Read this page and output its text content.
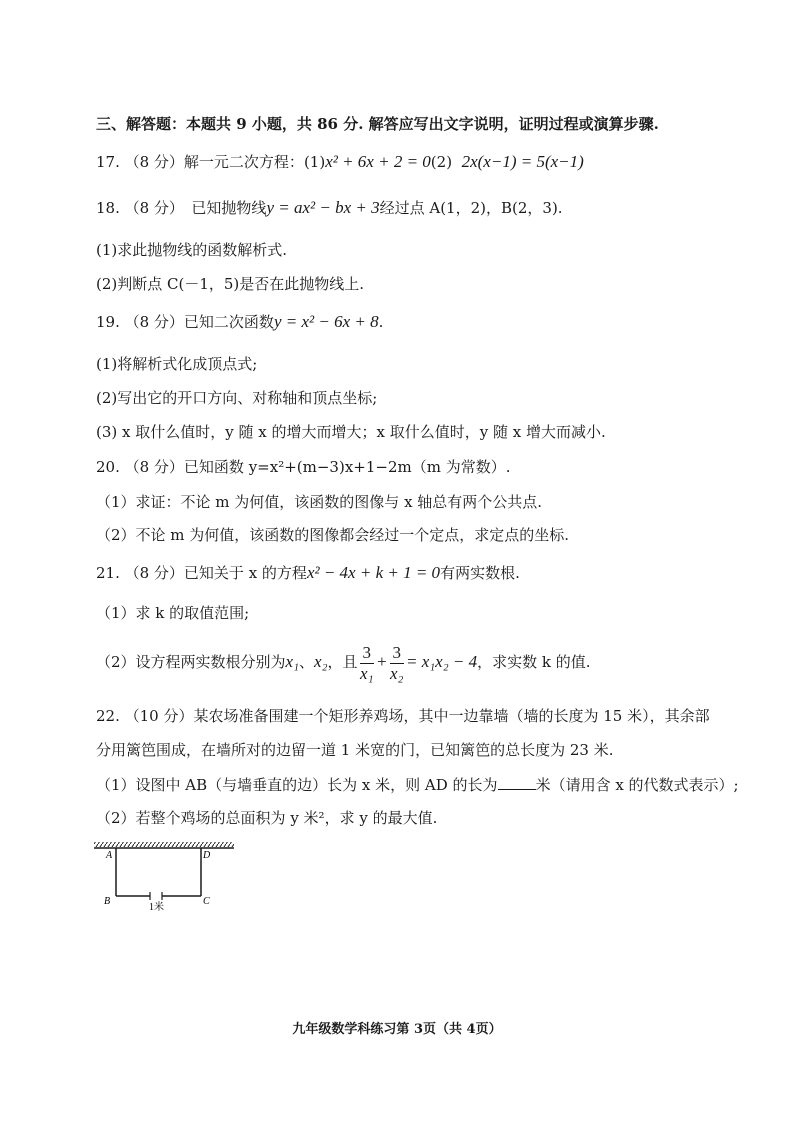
三、解答题：本题共 9 小题，共 86 分. 解答应写出文字说明，证明过程或演算步骤.
17. （8 分）解一元二次方程：(1)x² + 6x + 2 = 0(2) 2x(x−1) = 5(x−1)
18. （8 分）　已知抛物线y = ax² − bx + 3经过点 A(1，2)，B(2，3).
(1)求此抛物线的函数解析式.
(2)判断点 C(－1，5)是否在此抛物线上.
19. （8 分）已知二次函数y = x² − 6x + 8.
(1)将解析式化成顶点式;
(2)写出它的开口方向、对称轴和顶点坐标;
(3) x 取什么值时，y 随 x 的增大而增大；x 取什么值时，y 随 x 增大而减小.
20. （8 分）已知函数 y=x²+(m−3)x+1−2m（m 为常数）.
（1）求证：不论 m 为何值，该函数的图像与 x 轴总有两个公共点.
（2）不论 m 为何值，该函数的图像都会经过一个定点，求定点的坐标.
21. （8 分）已知关于 x 的方程x² − 4x + k + 1 = 0有两实数根.
（1）求 k 的取值范围;
（2）设方程两实数根分别为x₁、x₂，且 $\frac{3}{\text{x₁}} + \frac{3}{\text{x₂}} = x_1x_2 - 4$，求实数 k 的值.
22. （10 分）某农场准备围建一个矩形养鸡场，其中一边靠墙（墙的长度为 15 米），其余部
分用篱笆围成，在墙所对的边留一道 1 米宽的门，已知篱笆的总长度为 23 米.
（1）设图中 AB（与墙垂直的边）长为 x 米，则 AD 的长为	米（请用含 x 的代数式表示）;
（2）若整个鸡场的总面积为 y 米²，求 y 的最大值.
A	D
B	C
1米
九年级数学科练习第 3页（共 4页）
